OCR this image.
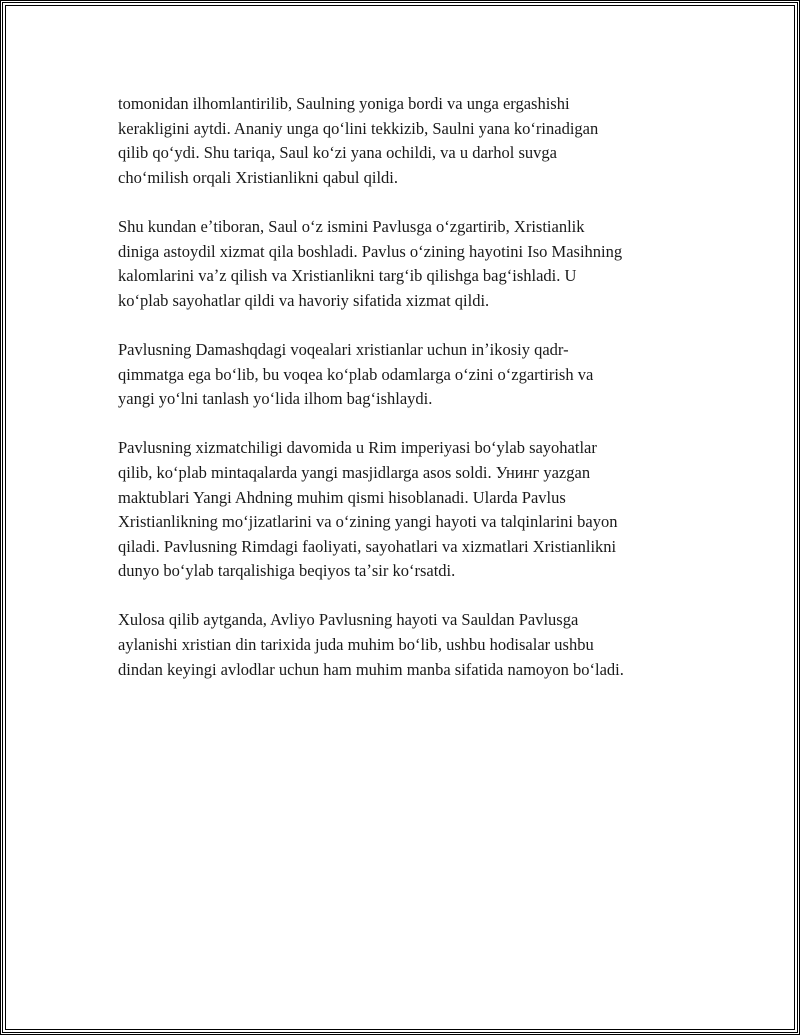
tomonidan ilhomlantirilib, Saulning yoniga bordi va unga ergashishi
kerakligini aytdi. Ananiy unga qoʻlini tekkizib, Saulni yana koʻrinadigan
qilib qoʻydi. Shu tariqa, Saul koʻzi yana ochildi, va u darhol suvga
choʻmilish orqali Xristianlikni qabul qildi.

Shu kundan eʼtiboran, Saul oʻz ismini Pavlusga oʻzgartirib, Xristianlik
diniga astoydil xizmat qila boshladi. Pavlus oʻzining hayotini Iso Masihning
kalomlarini vaʼz qilish va Xristianlikni targʻib qilishga bagʻishladi. U
koʻplab sayohatlar qildi va havoriy sifatida xizmat qildi.

Pavlusning Damashqdagi voqealari xristianlar uchun inʼikosiy qadr-
qimmatga ega boʻlib, bu voqea koʻplab odamlarga oʻzini oʻzgartirish va
yangi yoʻlni tanlash yoʻlida ilhom bagʻishlaydi.

Pavlusning xizmatchiligi davomida u Rim imperiyasi boʻylab sayohatlar
qilib, koʻplab mintaqalarda yangi masjidlarga asos soldi. Унинг yazgan
maktublari Yangi Ahdning muhim qismi hisoblanadi. Ularda Pavlus
Xristianlikning moʻjizatlarini va oʻzining yangi hayoti va talqinlarini bayon
qiladi. Pavlusning Rimdagi faoliyati, sayohatlari va xizmatlari Xristianlikni
dunyo boʻylab tarqalishiga beqiyos taʼsir koʻrsatdi.

Xulosa qilib aytganda, Avliyo Pavlusning hayoti va Sauldan Pavlusga
aylanishi xristian din tarixida juda muhim boʻlib, ushbu hodisalar ushbu
dindan keyingi avlodlar uchun ham muhim manba sifatida namoyon boʻladi.
